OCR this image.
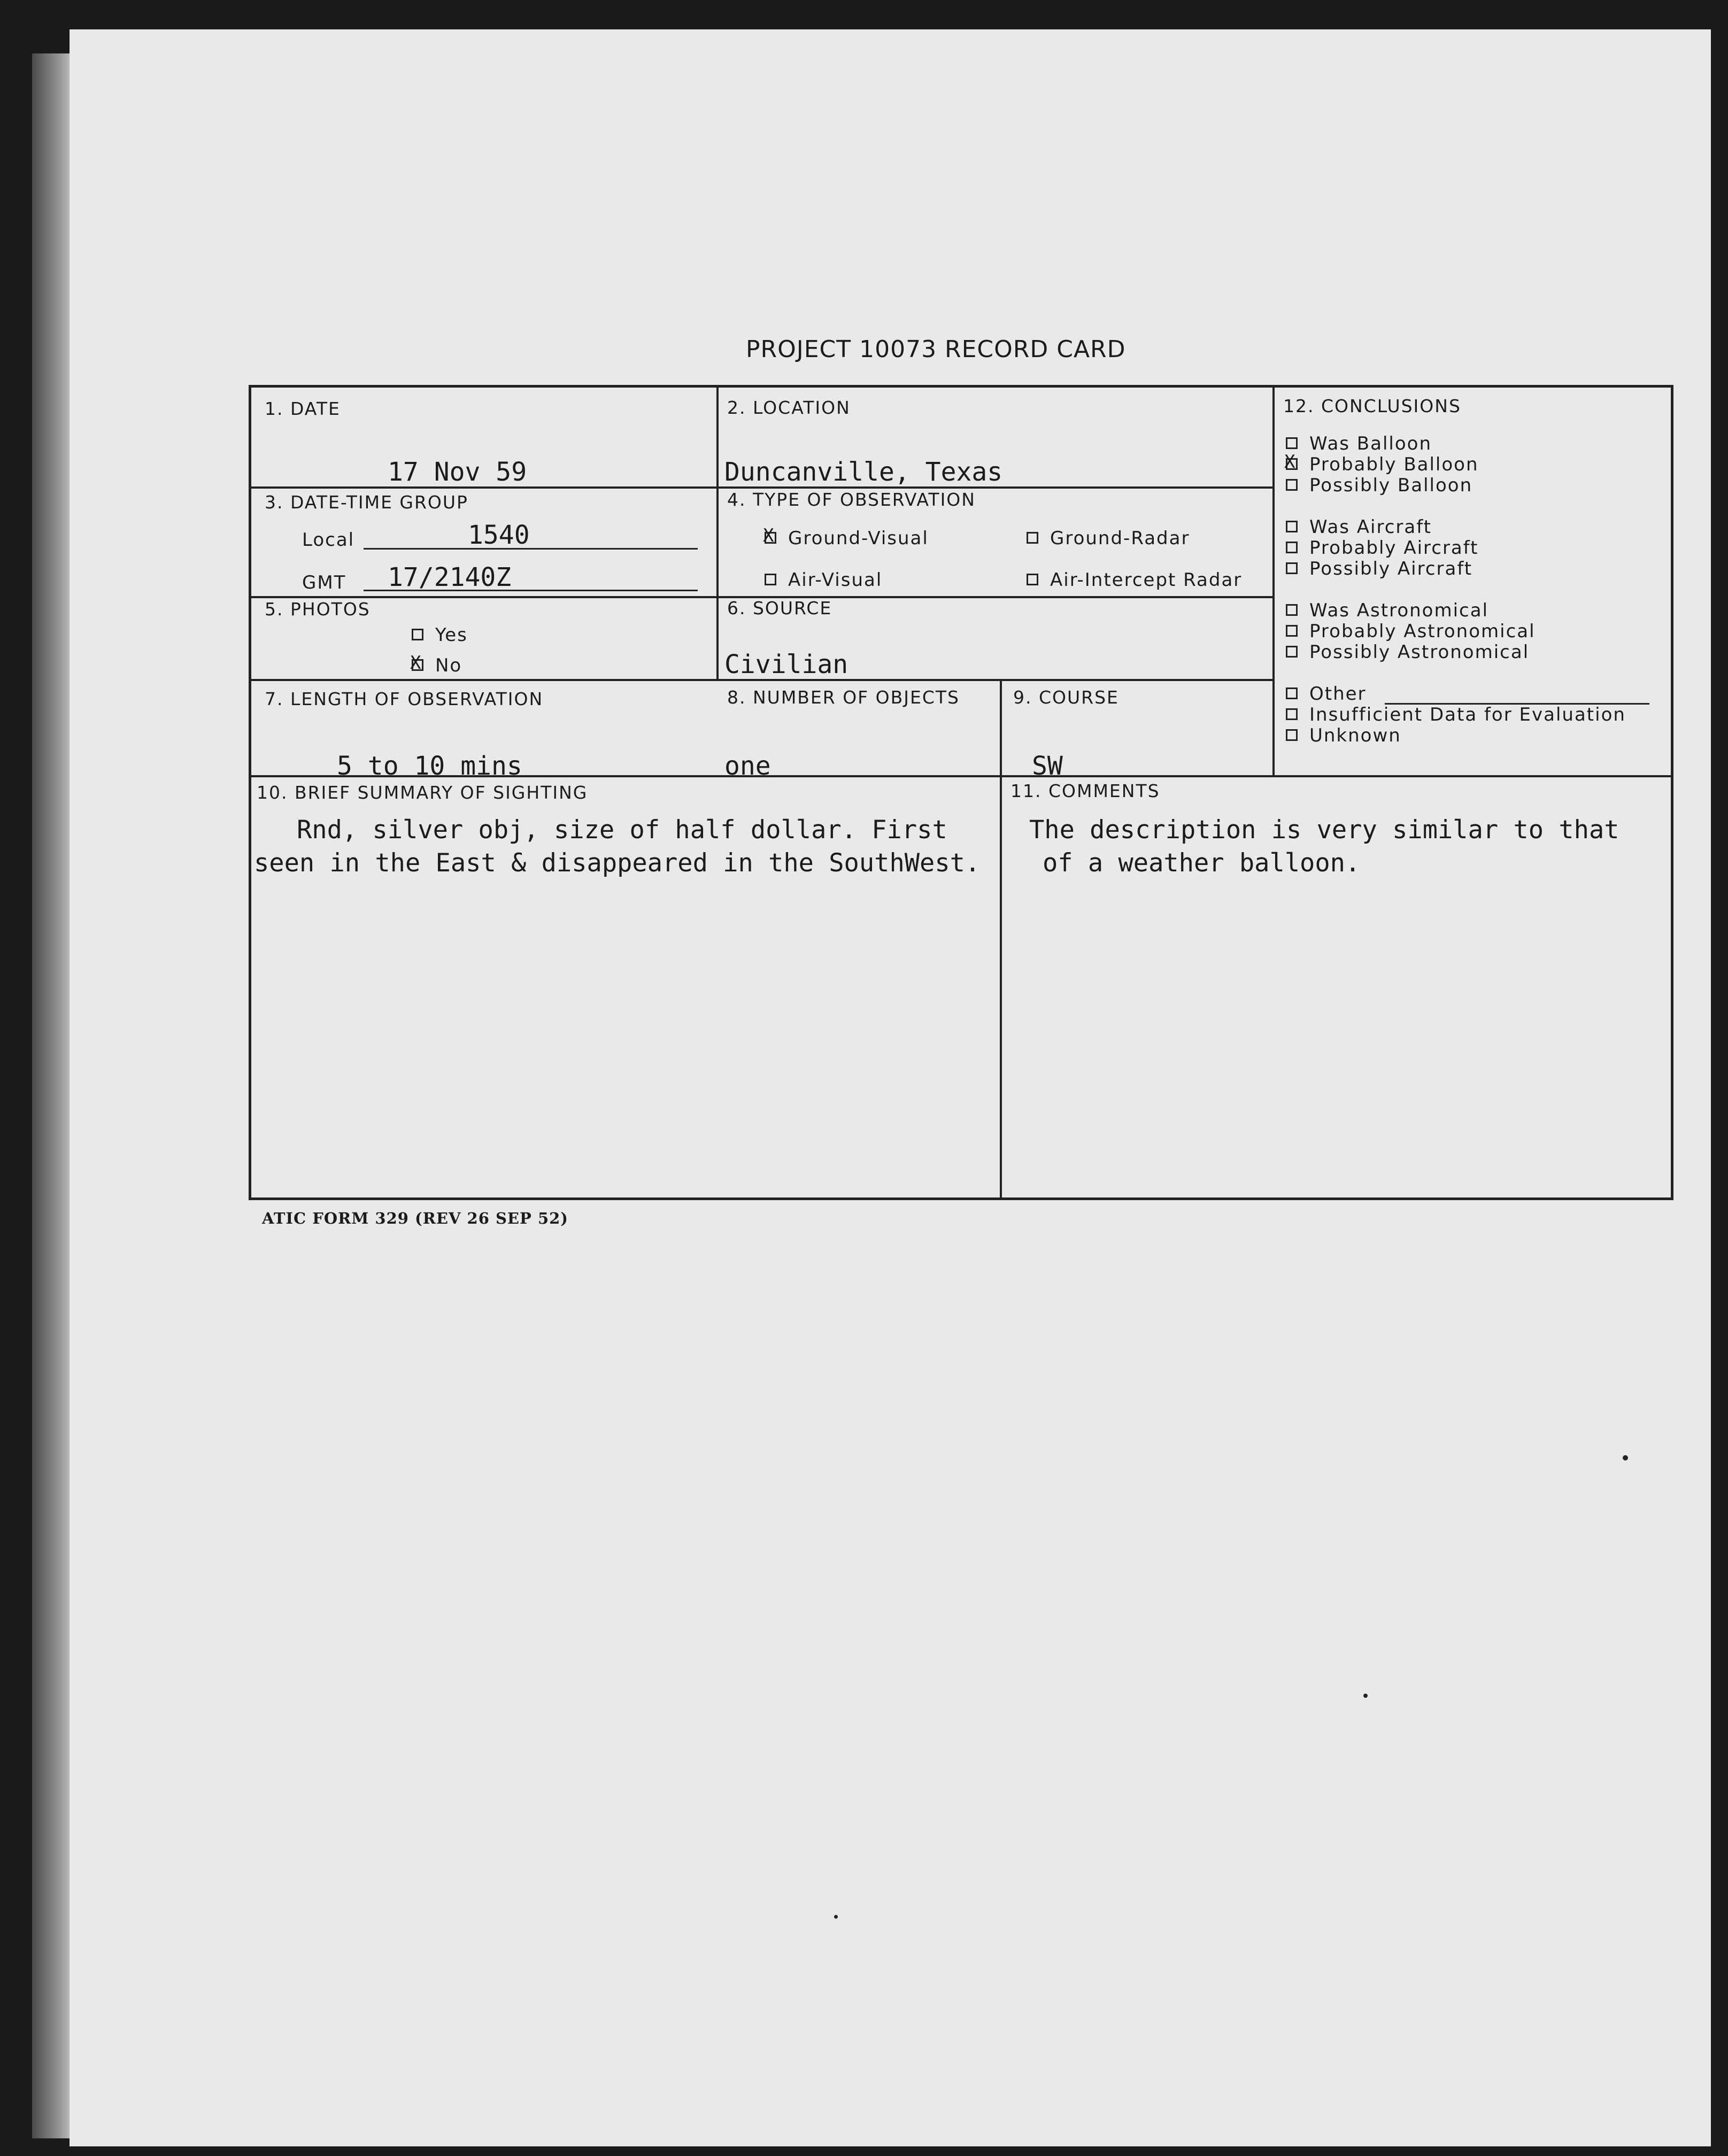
PROJECT 10073 RECORD CARD
1. DATE
17 Nov 59
2. LOCATION
Duncanville, Texas
3. DATE-TIME GROUP
Local	1540
GMT 17/2140Z
4. TYPE OF OBSERVATION
XGround-Visual	Ground-Radar
Air-Visual	Air-Intercept Radar
5. PHOTOS
Yes
XNo
6. SOURCE
Civilian
7. LENGTH OF OBSERVATION
5 to 10 mins
8. NUMBER OF OBJECTS
one
9. COURSE
SW
10. BRIEF SUMMARY OF SIGHTING
Rnd, silver obj, size of half dollar. First
seen in the East & disappeared in the SouthWest.
11. COMMENTS
The description is very similar to that
of a weather balloon.
12. CONCLUSIONS
Was Balloon
XProbably Balloon
Possibly Balloon
Was Aircraft
Probably Aircraft
Possibly Aircraft
Was Astronomical
Probably Astronomical
Possibly Astronomical
Other
Insufficient Data for Evaluation
Unknown
ATIC FORM 329 (REV 26 SEP 52)
